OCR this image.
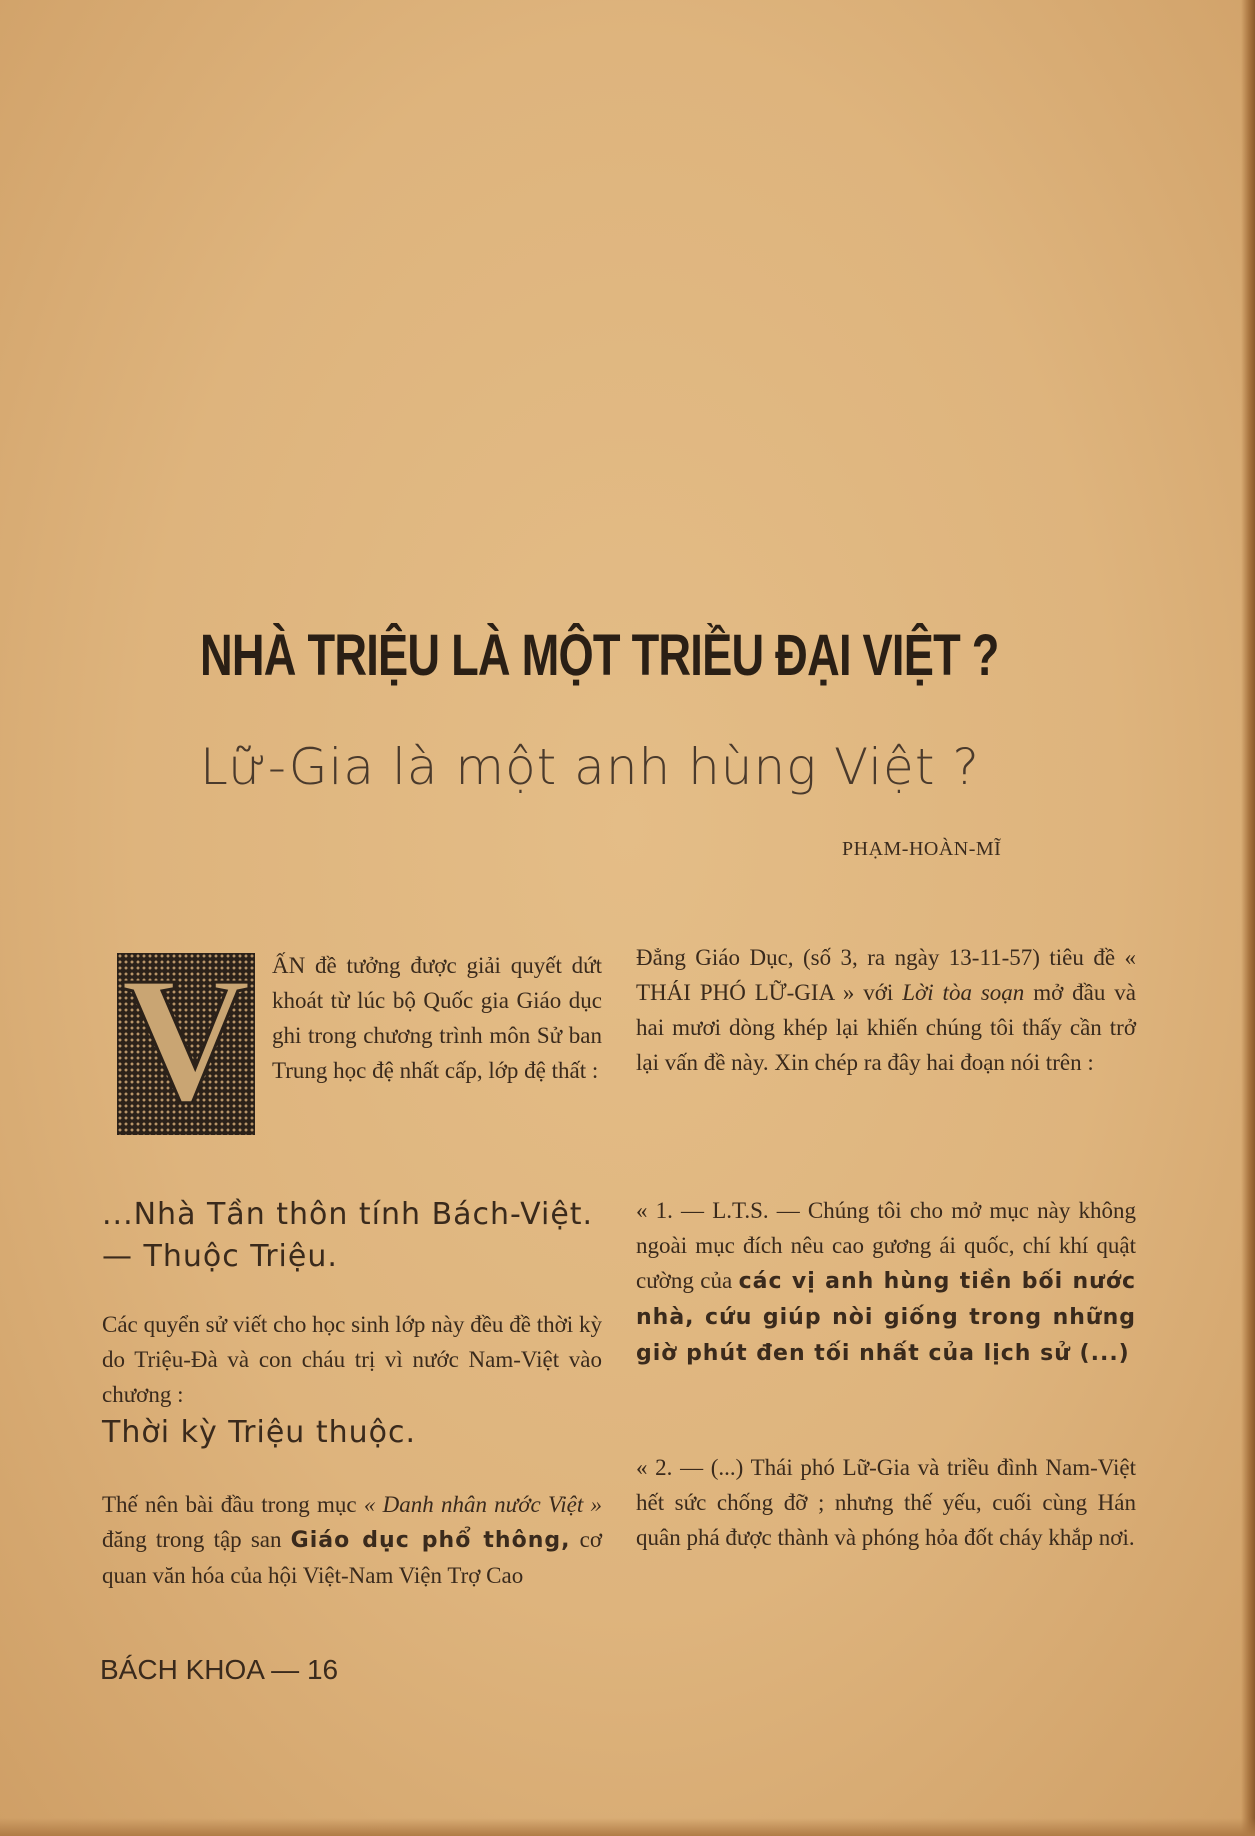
NHÀ TRIỆU LÀ MỘT TRIỀU ĐẠI VIỆT ?
Lữ-Gia là một anh hùng Việt ?
PHẠM-HOÀN-MĨ
V ẤN đề tưởng được giải quyết dứt khoát từ lúc bộ Quốc gia Giáo dục ghi trong chương trình môn Sử ban Trung học đệ nhất cấp, lớp đệ thất :

...Nhà Tần thôn tính Bách-Việt. — Thuộc Triệu.

Các quyển sử viết cho học sinh lớp này đều đề thời kỳ do Triệu-Đà và con cháu trị vì nước Nam-Việt vào chương :

Thời kỳ Triệu thuộc.

Thế nên bài đầu trong mục « Danh nhân nước Việt » đăng trong tập san Giáo dục phổ thông, cơ quan văn hóa của hội Việt-Nam Viện Trợ Cao

Đẳng Giáo Dục, (số 3, ra ngày 13-11-57) tiêu đề « THÁI PHÓ LỮ-GIA » với Lời tòa soạn mở đầu và hai mươi dòng khép lại khiến chúng tôi thấy cần trở lại vấn đề này. Xin chép ra đây hai đoạn nói trên :

« 1. — L.T.S. — Chúng tôi cho mở mục này không ngoài mục đích nêu cao gương ái quốc, chí khí quật cường của các vị anh hùng tiền bối nước nhà, cứu giúp nòi giống trong những giờ phút đen tối nhất của lịch sử (...)

« 2. — (...) Thái phó Lữ-Gia và triều đình Nam-Việt hết sức chống đỡ ; nhưng thế yếu, cuối cùng Hán quân phá được thành và phóng hỏa đốt cháy khắp nơi.

BÁCH KHOA — 16
